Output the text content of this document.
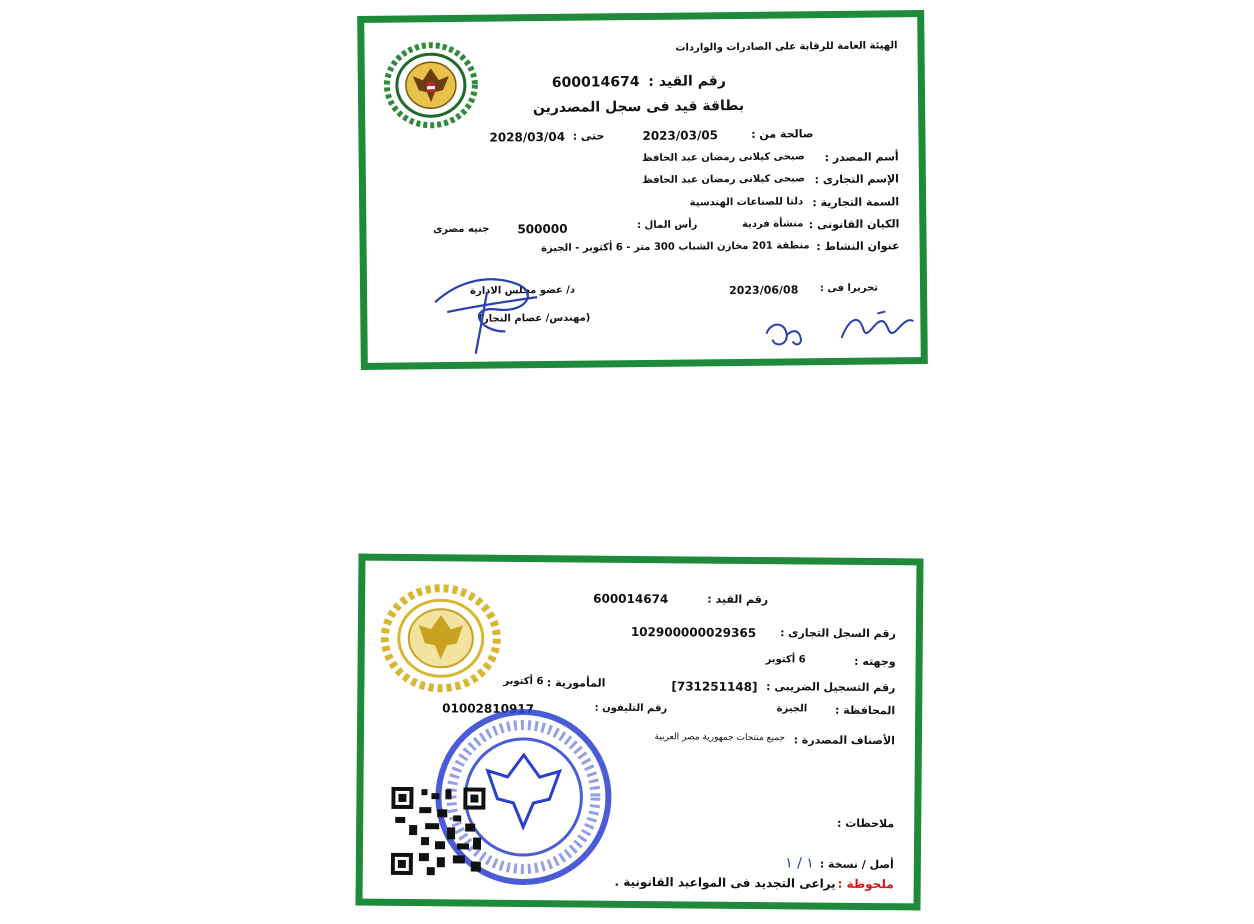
الهيئة العامة للرقابة على الصادرات والواردات
رقم القيد :
600014674
بطاقة قيد فى سجل المصدرين
صالحة من :
2023/03/05
حتى :
2028/03/04
أسم المصدر :
صبحى كيلانى رمضان عبد الحافظ
الإسم التجارى :
صبحى كيلانى رمضان عبد الحافظ
السمة التجارية :
دلتا للصناعات الهندسية
الكيان القانونى :
منشأة فردية
رأس المال :
500000
جنيه مصرى
عنوان النشاط :
منطقة 201 مخازن الشباب 300 متر - 6 أكتوبر - الجيزة
تحريرا فى :
2023/06/08
د/ عضو مجلس الادارة
(مهندس/ عصام النجار)
رقم القيد :
600014674
رقم السجل التجارى :
102900000029365
وجهته :
6 أكتوبر
رقم التسجيل الضريبى :
[731251148]
المأمورية :
6 أكتوبر
المحافظة :
الجيزة
رقم التليفون :
01002810917
الأصناف المصدرة :
جميع منتجات جمهورية مصر العربية
ملاحظات :
أصل / نسخة :
١ / ١
ملحوظة :
يراعى التجديد فى المواعيد القانونية .
